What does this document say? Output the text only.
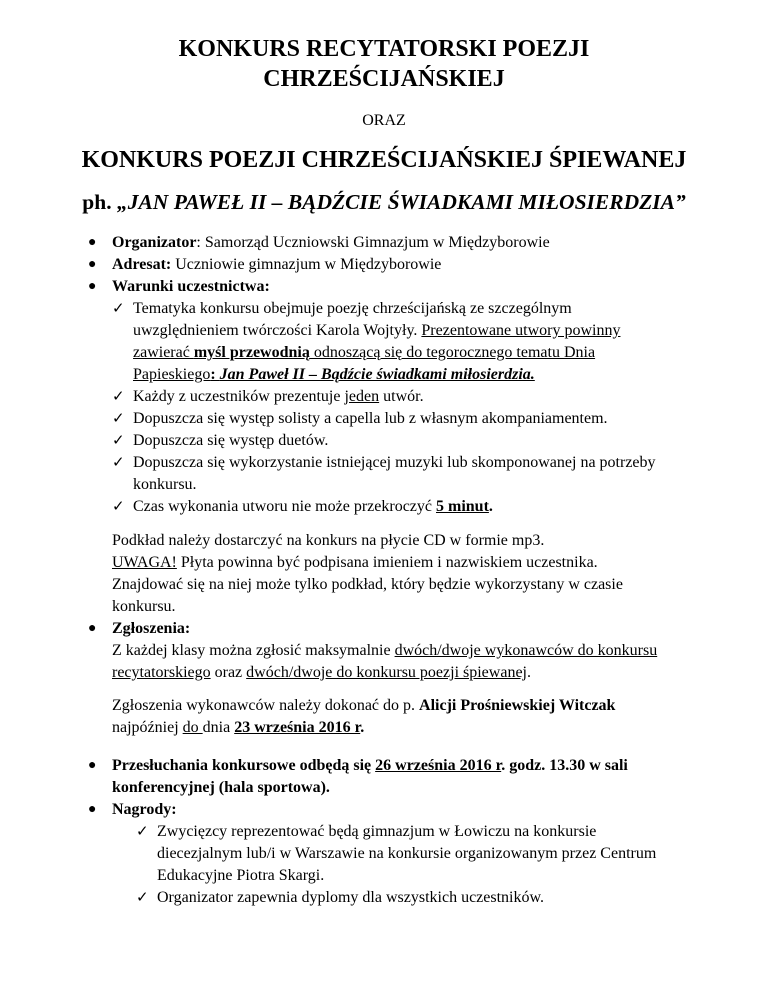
KONKURS RECYTATORSKI POEZJI
CHRZEŚCIJAŃSKIEJ
ORAZ
KONKURS POEZJI CHRZEŚCIJAŃSKIEJ ŚPIEWANEJ
ph. „JAN PAWEŁ II – BĄDŹCIE ŚWIADKAMI MIŁOSIERDZIA”
● Organizator: Samorząd Uczniowski Gimnazjum w Międzyborowie
● Adresat: Uczniowie gimnazjum w Międzyborowie
● Warunki uczestnictwa:
✓ Tematyka konkursu obejmuje poezję chrześcijańską ze szczególnym
uwzględnieniem twórczości Karola Wojtyły. Prezentowane utwory powinny
zawierać myśl przewodnią odnoszącą się do tegorocznego tematu Dnia
Papieskiego: Jan Paweł II – Bądźcie świadkami miłosierdzia.
✓ Każdy z uczestników prezentuje jeden utwór.
✓ Dopuszcza się występ solisty a capella lub z własnym akompaniamentem.
✓ Dopuszcza się występ duetów.
✓ Dopuszcza się wykorzystanie istniejącej muzyki lub skomponowanej na potrzeby
konkursu.
✓ Czas wykonania utworu nie może przekroczyć 5 minut.
Podkład należy dostarczyć na konkurs na płycie CD w formie mp3.
UWAGA! Płyta powinna być podpisana imieniem i nazwiskiem uczestnika.
Znajdować się na niej może tylko podkład, który będzie wykorzystany w czasie
konkursu.
● Zgłoszenia:
Z każdej klasy można zgłosić maksymalnie dwóch/dwoje wykonawców do konkursu
recytatorskiego oraz dwóch/dwoje do konkursu poezji śpiewanej.
Zgłoszenia wykonawców należy dokonać do p. Alicji Prośniewskiej Witczak
najpóźniej do dnia 23 września 2016 r.
● Przesłuchania konkursowe odbędą się 26 września 2016 r. godz. 13.30 w sali
konferencyjnej (hala sportowa).
● Nagrody:
✓ Zwycięzcy reprezentować będą gimnazjum w Łowiczu na konkursie
diecezjalnym lub/i w Warszawie na konkursie organizowanym przez Centrum
Edukacyjne Piotra Skargi.
✓ Organizator zapewnia dyplomy dla wszystkich uczestników.
